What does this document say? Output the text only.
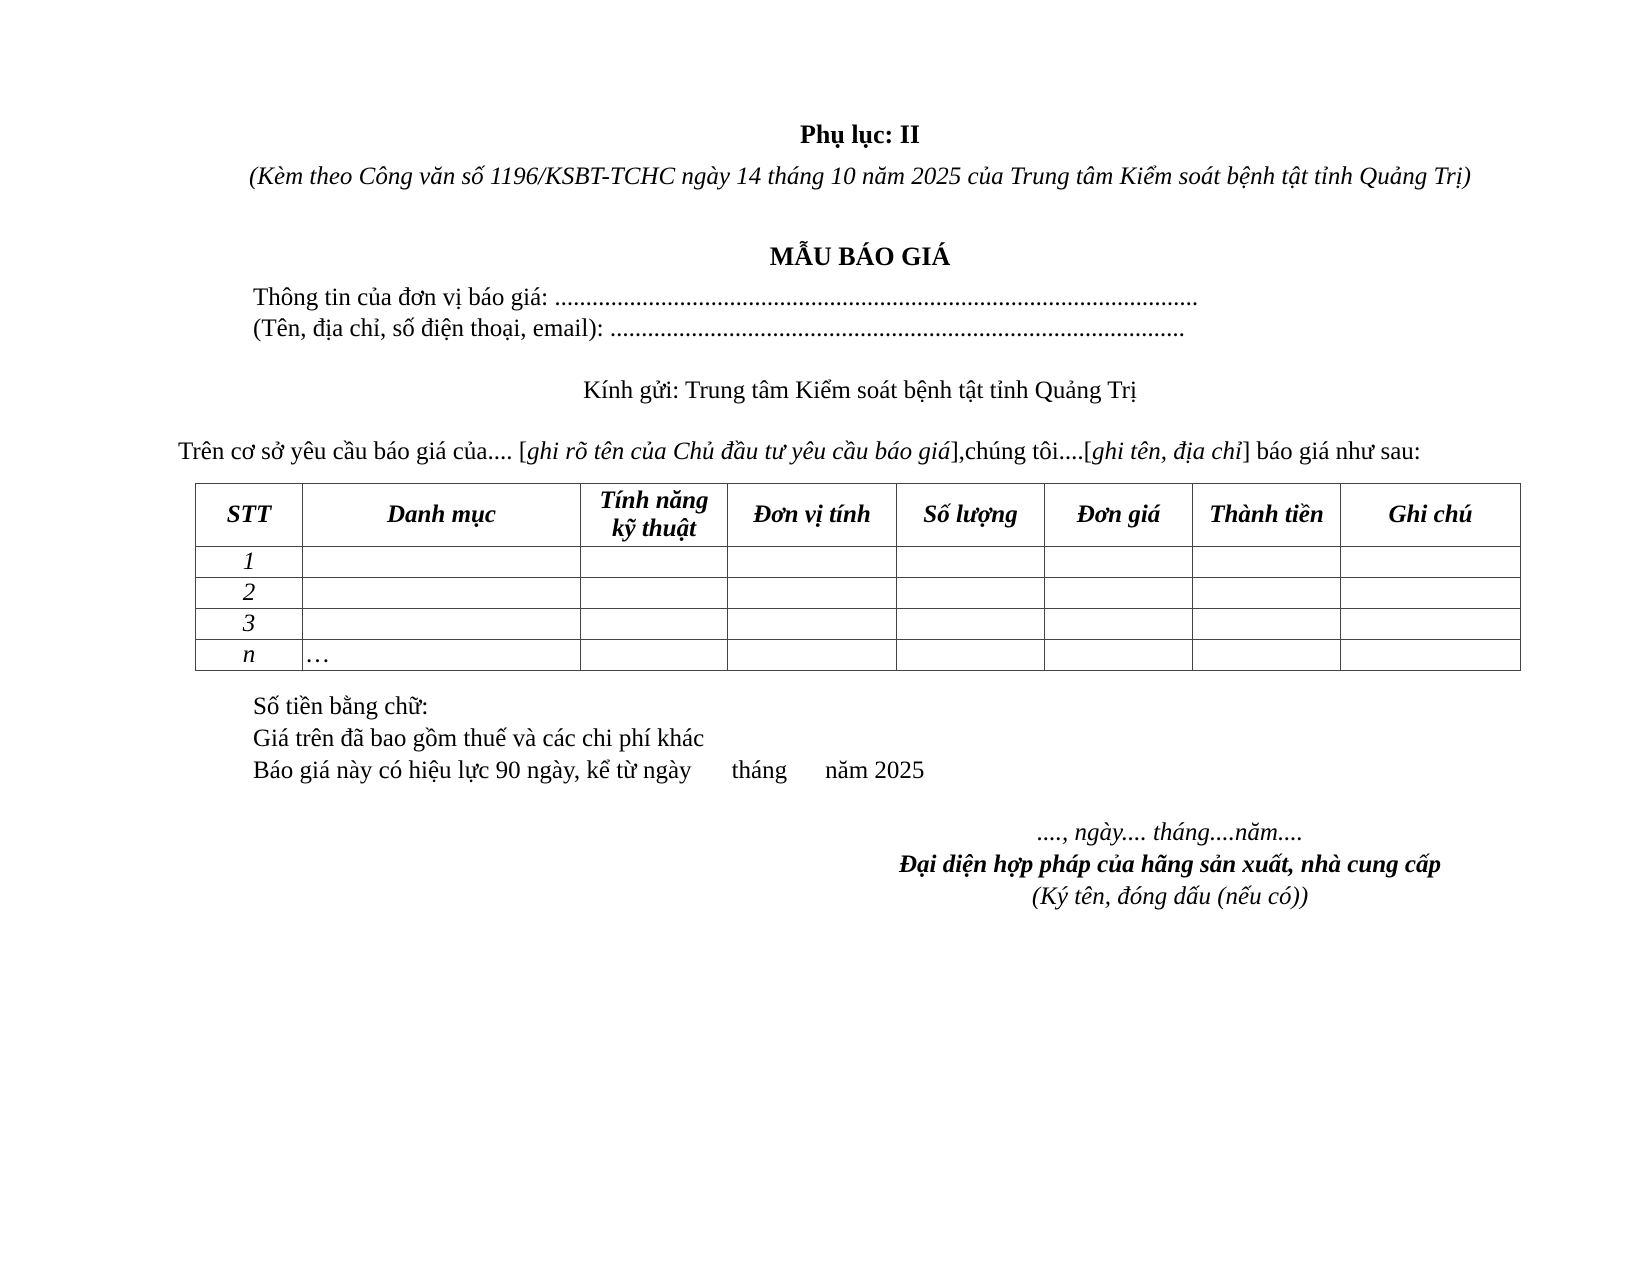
Phụ lục: II
(Kèm theo Công văn số 1196/KSBT-TCHC ngày 14 tháng 10 năm 2025 của Trung tâm Kiểm soát bệnh tật tỉnh Quảng Trị)
MẪU BÁO GIÁ
Thông tin của đơn vị báo giá: .......................................................................................................
(Tên, địa chỉ, số điện thoại, email): ............................................................................................
Kính gửi: Trung tâm Kiểm soát bệnh tật tỉnh Quảng Trị
Trên cơ sở yêu cầu báo giá của.... [ghi rõ tên của Chủ đầu tư yêu cầu báo giá],chúng tôi....[ghi tên, địa chỉ] báo giá như sau:
STT	Danh mục	Tính năng kỹ thuật	Đơn vị tính	Số lượng	Đơn giá	Thành tiền	Ghi chú
1							
2							
3							
n	…						
Số tiền bằng chữ:
Giá trên đã bao gồm thuế và các chi phí khác
Báo giá này có hiệu lực 90 ngày, kể từ ngày tháng năm 2025
...., ngày.... tháng....năm....
Đại diện hợp pháp của hãng sản xuất, nhà cung cấp
(Ký tên, đóng dấu (nếu có))
